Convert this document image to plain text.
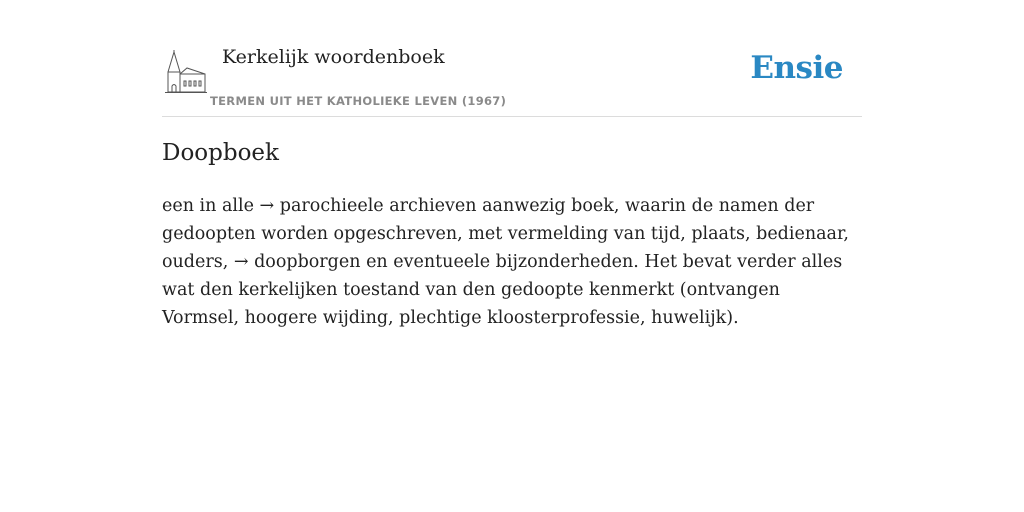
Kerkelijk woordenboek
TERMEN UIT HET KATHOLIEKE LEVEN (1967)
Ensie
Doopboek

een in alle → parochieele archieven aanwezig boek, waarin de namen der gedoopten worden opgeschreven, met vermelding van tijd, plaats, bedienaar, ouders, → doopborgen en eventueele bijzonderheden. Het bevat verder alles wat den kerkelijken toestand van den gedoopte kenmerkt (ontvangen Vormsel, hoogere wijding, plechtige kloosterprofessie, huwelijk).
